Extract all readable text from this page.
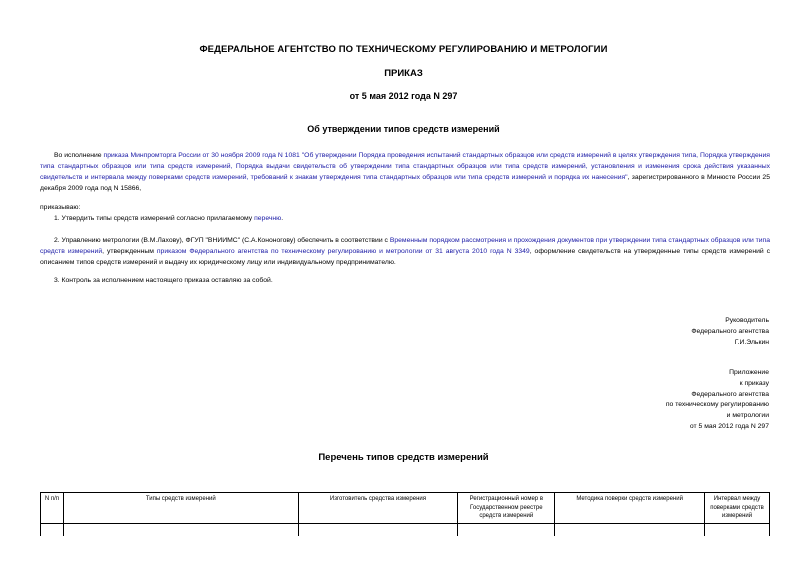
ФЕДЕРАЛЬНОЕ АГЕНТСТВО ПО ТЕХНИЧЕСКОМУ РЕГУЛИРОВАНИЮ И МЕТРОЛОГИИ
ПРИКАЗ
от 5 мая 2012 года N 297
Об утверждении типов средств измерений
Во исполнение приказа Минпромторга России от 30 ноября 2009 года N 1081 "Об утверждении Порядка проведения испытаний стандартных образцов или средств измерений в целях утверждения типа, Порядка утверждения типа стандартных образцов или типа средств измерений, Порядка выдачи свидетельств об утверждении типа стандартных образцов или типа средств измерений, установления и изменения срока действия указанных свидетельств и интервала между поверками средств измерений, требований к знакам утверждения типа стандартных образцов или типа средств измерений и порядка их нанесения", зарегистрированного в Минюсте России 25 декабря 2009 года под N 15866,
приказываю:
1. Утвердить типы средств измерений согласно прилагаемому перечню.
2. Управлению метрологии (В.М.Лахову), ФГУП "ВНИИМС" (С.А.Кононогову) обеспечить в соответствии с Временным порядком рассмотрения и прохождения документов при утверждении типа стандартных образцов или типа средств измерений, утвержденным приказом Федерального агентства по техническому регулированию и метрологии от 31 августа 2010 года N 3349, оформление свидетельств на утвержденные типы средств измерений с описанием типов средств измерений и выдачу их юридическому лицу или индивидуальному предпринимателю.
3. Контроль за исполнением настоящего приказа оставляю за собой.
Руководитель
Федерального агентства
Г.И.Элькин
Приложение
к приказу
Федерального агентства
по техническому регулированию
и метрологии
от 5 мая 2012 года N 297
Перечень типов средств измерений
N п/п	Типы средств измерений	Изготовитель средства измерения	Регистрационный номер в Государственном реестре средств измерений	Методика поверки средств измерений	Интервал между поверками средств измерений
